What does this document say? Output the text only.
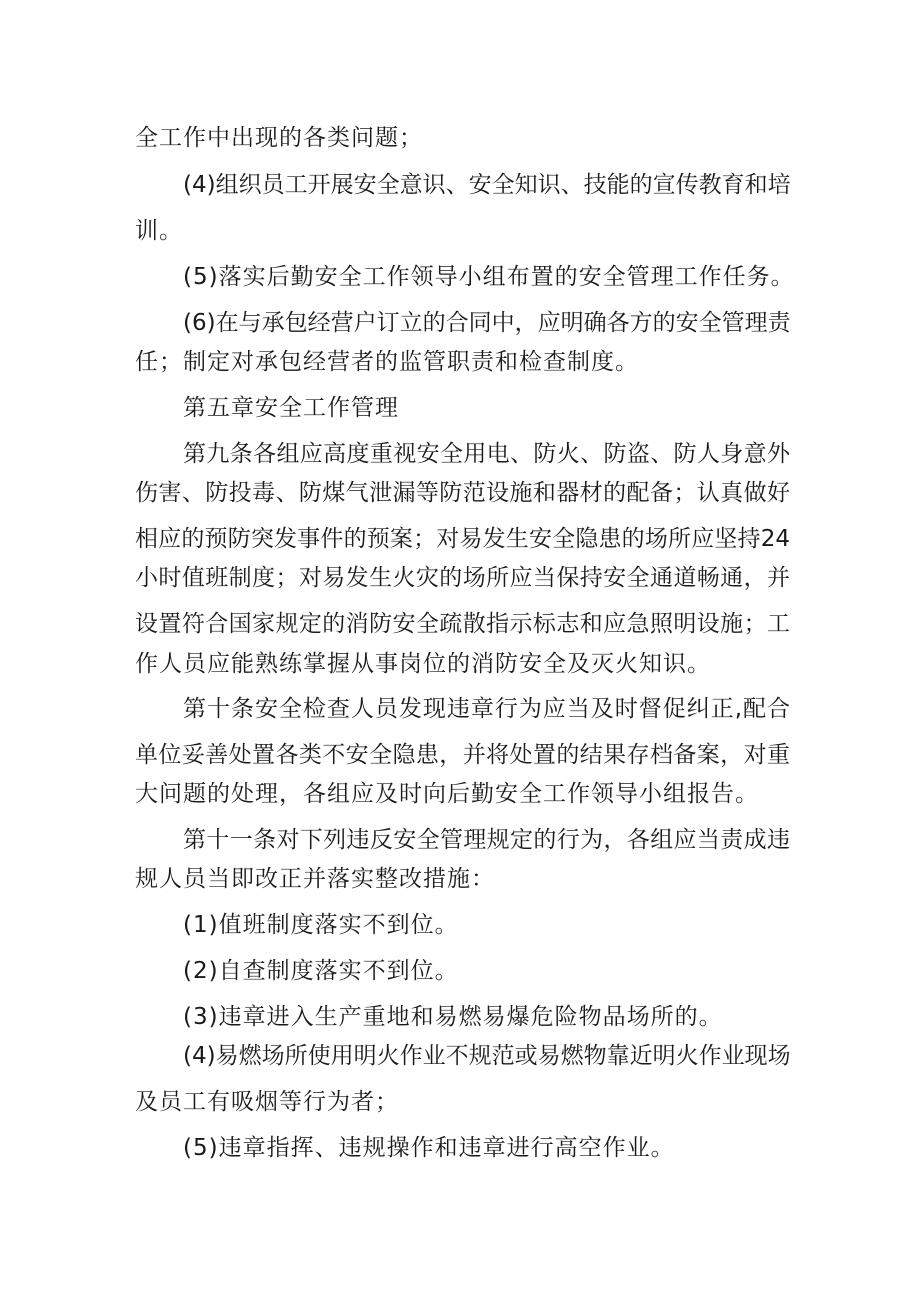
全工作中出现的各类问题；
(4)组织员工开展安全意识、安全知识、技能的宣传教育和培
训。
(5)落实后勤安全工作领导小组布置的安全管理工作任务。
(6)在与承包经营户订立的合同中，应明确各方的安全管理责
任；制定对承包经营者的监管职责和检查制度。
第五章安全工作管理
第九条各组应高度重视安全用电、防火、防盗、防人身意外
伤害、防投毒、防煤气泄漏等防范设施和器材的配备；认真做好
相应的预防突发事件的预案；对易发生安全隐患的场所应坚持24
小时值班制度；对易发生火灾的场所应当保持安全通道畅通，并
设置符合国家规定的消防安全疏散指示标志和应急照明设施；工
作人员应能熟练掌握从事岗位的消防安全及灭火知识。
第十条安全检查人员发现违章行为应当及时督促纠正,配合
单位妥善处置各类不安全隐患，并将处置的结果存档备案，对重
大问题的处理，各组应及时向后勤安全工作领导小组报告。
第十一条对下列违反安全管理规定的行为，各组应当责成违
规人员当即改正并落实整改措施：
(1)值班制度落实不到位。
(2)自查制度落实不到位。
(3)违章进入生产重地和易燃易爆危险物品场所的。
(4)易燃场所使用明火作业不规范或易燃物靠近明火作业现场
及员工有吸烟等行为者；
(5)违章指挥、违规操作和违章进行高空作业。
